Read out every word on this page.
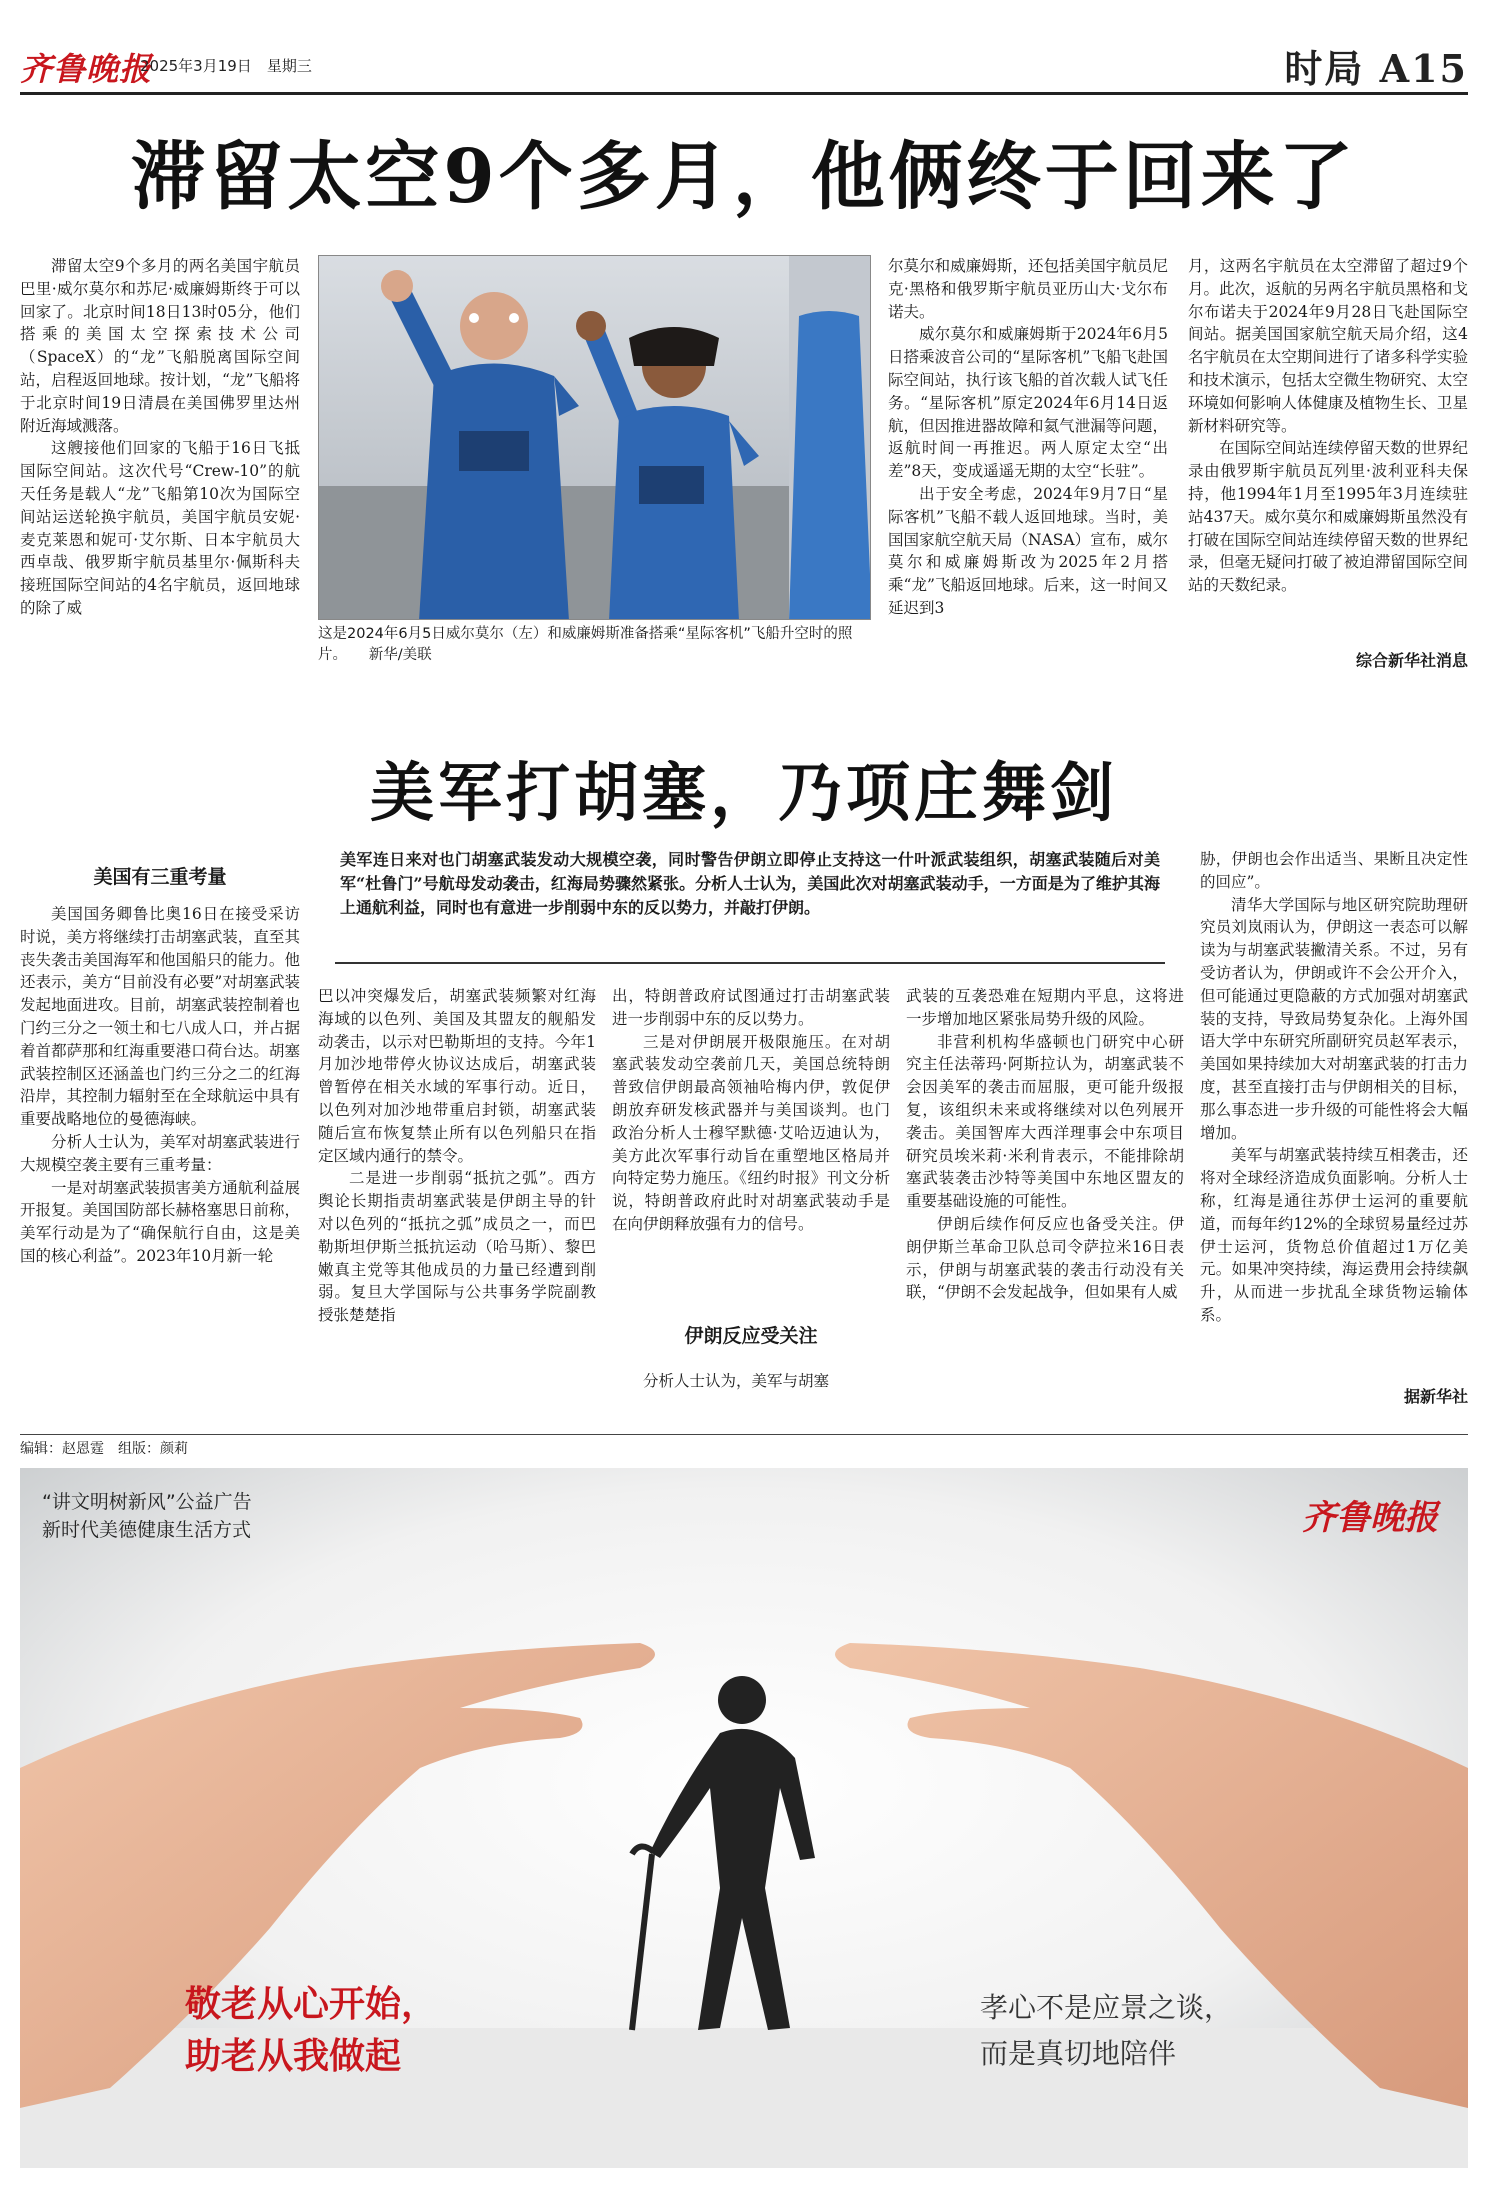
齐鲁晚报
2025年3月19日　 星期三	时局 A15
滞留太空9个多月，他俩终于回来了

滞留太空9个多月的两名美国宇航员巴里·威尔莫尔和苏尼·威廉姆斯终于可以回家了。北京时间18日13时05分，他们搭乘的美国太空探索技术公司（SpaceX）的“龙”飞船脱离国际空间站，启程返回地球。按计划，“龙”飞船将于北京时间19日清晨在美国佛罗里达州附近海域溅落。

这艘接他们回家的飞船于16日飞抵国际空间站。这次代号“Crew-10”的航天任务是载人“龙”飞船第10次为国际空间站运送轮换宇航员，美国宇航员安妮·麦克莱恩和妮可·艾尔斯、日本宇航员大西卓哉、俄罗斯宇航员基里尔·佩斯科夫接班国际空间站的4名宇航员，返回地球的除了威

这是2024年6月5日威尔莫尔（左）和威廉姆斯准备搭乘“星际客机”飞船升空时的照片。　　新华/美联

尔莫尔和威廉姆斯，还包括美国宇航员尼克·黑格和俄罗斯宇航员亚历山大·戈尔布诺夫。

威尔莫尔和威廉姆斯于2024年6月5日搭乘波音公司的“星际客机”飞船飞赴国际空间站，执行该飞船的首次载人试飞任务。“星际客机”原定2024年6月14日返航，但因推进器故障和氦气泄漏等问题，返航时间一再推迟。两人原定太空“出差”8天，变成遥遥无期的太空“长驻”。

出于安全考虑，2024年9月7日“星际客机”飞船不载人返回地球。当时，美国国家航空航天局（NASA）宣布，威尔莫尔和威廉姆斯改为2025年2月搭乘“龙”飞船返回地球。后来，这一时间又延迟到3

月，这两名宇航员在太空滞留了超过9个月。此次，返航的另两名宇航员黑格和戈尔布诺夫于2024年9月28日飞赴国际空间站。据美国国家航空航天局介绍，这4名宇航员在太空期间进行了诸多科学实验和技术演示，包括太空微生物研究、太空环境如何影响人体健康及植物生长、卫星新材料研究等。

在国际空间站连续停留天数的世界纪录由俄罗斯宇航员瓦列里·波利亚科夫保持，他1994年1月至1995年3月连续驻站437天。威尔莫尔和威廉姆斯虽然没有打破在国际空间站连续停留天数的世界纪录，但毫无疑问打破了被迫滞留国际空间站的天数纪录。

综合新华社消息
美军打胡塞，乃项庄舞剑
美军连日来对也门胡塞武装发动大规模空袭，同时警告伊朗立即停止支持这一什叶派武装组织，胡塞武装随后对美军“杜鲁门”号航母发动袭击，红海局势骤然紧张。分析人士认为，美国此次对胡塞武装动手，一方面是为了维护其海上通航利益，同时也有意进一步削弱中东的反以势力，并敲打伊朗。
美国有三重考量

美国国务卿鲁比奥16日在接受采访时说，美方将继续打击胡塞武装，直至其丧失袭击美国海军和他国船只的能力。他还表示，美方“目前没有必要”对胡塞武装发起地面进攻。目前，胡塞武装控制着也门约三分之一领土和七八成人口，并占据着首都萨那和红海重要港口荷台达。胡塞武装控制区还涵盖也门约三分之二的红海沿岸，其控制力辐射至在全球航运中具有重要战略地位的曼德海峡。

分析人士认为，美军对胡塞武装进行大规模空袭主要有三重考量：

一是对胡塞武装损害美方通航利益展开报复。美国国防部长赫格塞思日前称，美军行动是为了“确保航行自由，这是美国的核心利益”。2023年10月新一轮

巴以冲突爆发后，胡塞武装频繁对红海海域的以色列、美国及其盟友的舰船发动袭击，以示对巴勒斯坦的支持。今年1月加沙地带停火协议达成后，胡塞武装曾暂停在相关水域的军事行动。近日，以色列对加沙地带重启封锁，胡塞武装随后宣布恢复禁止所有以色列船只在指定区域内通行的禁令。

二是进一步削弱“抵抗之弧”。西方舆论长期指责胡塞武装是伊朗主导的针对以色列的“抵抗之弧”成员之一，而巴勒斯坦伊斯兰抵抗运动（哈马斯）、黎巴嫩真主党等其他成员的力量已经遭到削弱。复旦大学国际与公共事务学院副教授张楚楚指

出，特朗普政府试图通过打击胡塞武装进一步削弱中东的反以势力。

三是对伊朗展开极限施压。在对胡塞武装发动空袭前几天，美国总统特朗普致信伊朗最高领袖哈梅内伊，敦促伊朗放弃研发核武器并与美国谈判。也门政治分析人士穆罕默德·艾哈迈迪认为，美方此次军事行动旨在重塑地区格局并向特定势力施压。《纽约时报》刊文分析说，特朗普政府此时对胡塞武装动手是在向伊朗释放强有力的信号。

伊朗反应受关注

分析人士认为，美军与胡塞

武装的互袭恐难在短期内平息，这将进一步增加地区紧张局势升级的风险。

非营利机构华盛顿也门研究中心研究主任法蒂玛·阿斯拉认为，胡塞武装不会因美军的袭击而屈服，更可能升级报复，该组织未来或将继续对以色列展开袭击。美国智库大西洋理事会中东项目研究员埃米莉·米利肯表示，不能排除胡塞武装袭击沙特等美国中东地区盟友的重要基础设施的可能性。

伊朗后续作何反应也备受关注。伊朗伊斯兰革命卫队总司令萨拉米16日表示，伊朗与胡塞武装的袭击行动没有关联，“伊朗不会发起战争，但如果有人威

胁，伊朗也会作出适当、果断且决定性的回应”。

清华大学国际与地区研究院助理研究员刘岚雨认为，伊朗这一表态可以解读为与胡塞武装撇清关系。不过，另有受访者认为，伊朗或许不会公开介入，但可能通过更隐蔽的方式加强对胡塞武装的支持，导致局势复杂化。上海外国语大学中东研究所副研究员赵军表示，美国如果持续加大对胡塞武装的打击力度，甚至直接打击与伊朗相关的目标，那么事态进一步升级的可能性将会大幅增加。

美军与胡塞武装持续互相袭击，还将对全球经济造成负面影响。分析人士称，红海是通往苏伊士运河的重要航道，而每年约12%的全球贸易量经过苏伊士运河，货物总价值超过1万亿美元。如果冲突持续，海运费用会持续飙升，从而进一步扰乱全球货物运输体系。

据新华社
编辑：赵恩霆　组版：颜莉
“讲文明树新风”公益广告
新时代美德健康生活方式	齐鲁晚报
敬老从心开始，
助老从我做起
孝心不是应景之谈，
而是真切地陪伴
